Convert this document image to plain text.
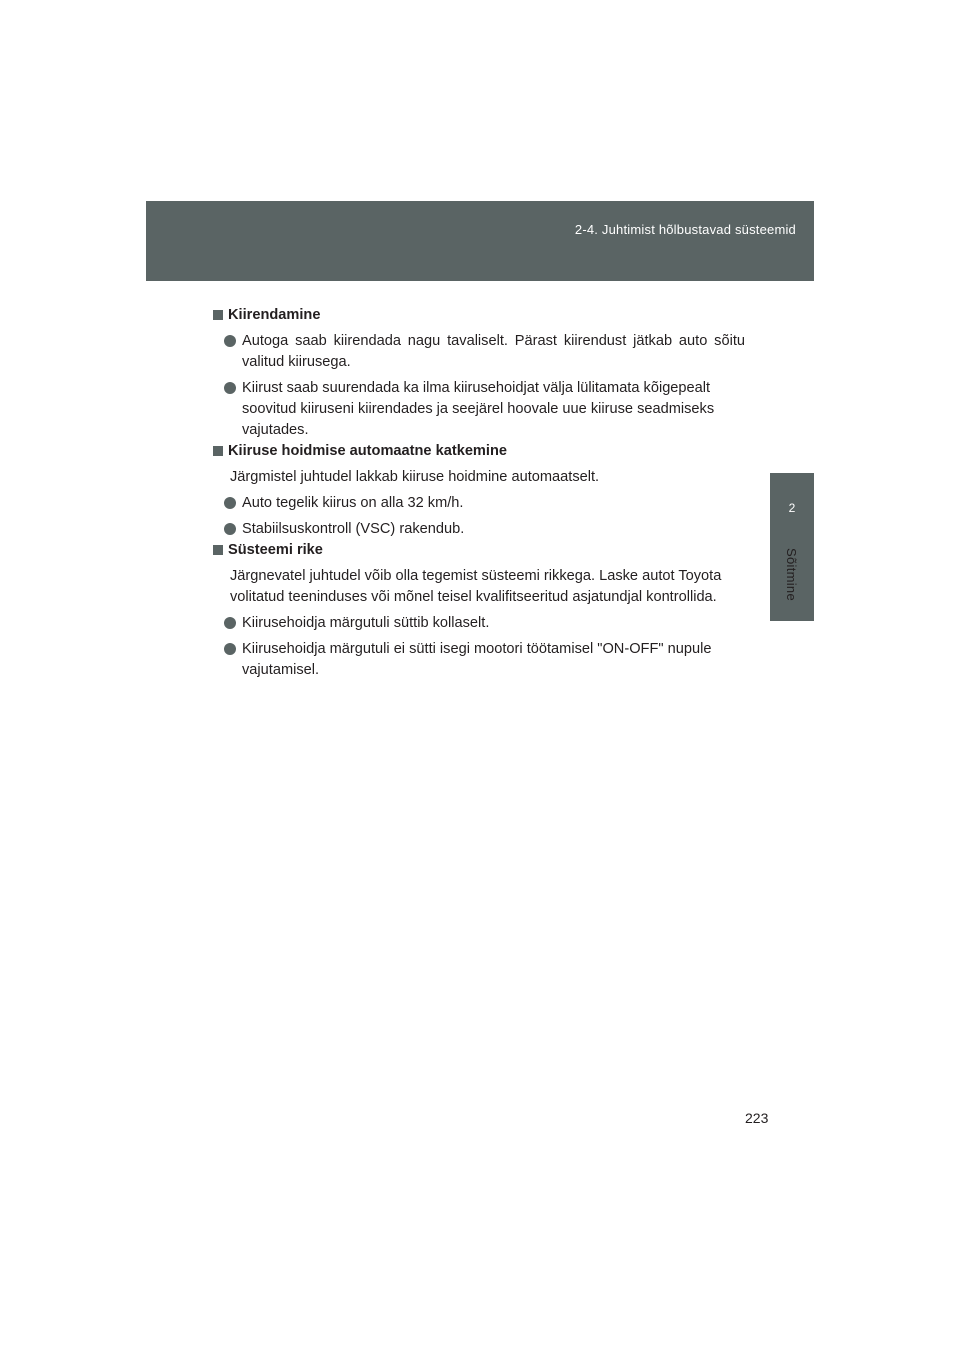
2-4. Juhtimist hõlbustavad süsteemid
2
Sõitmine
Kiirendamine
Autoga saab kiirendada nagu tavaliselt. Pärast kiirendust jätkab auto sõitu valitud kiirusega.
Kiirust saab suurendada ka ilma kiirusehoidjat välja lülitamata kõigepealt soovitud kiiruseni kiirendades ja seejärel hoovale uue kiiruse seadmiseks vajutades.
Kiiruse hoidmise automaatne katkemine
Järgmistel juhtudel lakkab kiiruse hoidmine automaatselt.
Auto tegelik kiirus on alla 32 km/h.
Stabiilsuskontroll (VSC) rakendub.
Süsteemi rike
Järgnevatel juhtudel võib olla tegemist süsteemi rikkega. Laske autot Toyota volitatud teeninduses või mõnel teisel kvalifitseeritud asjatundjal kontrollida.
Kiirusehoidja märgutuli süttib kollaselt.
Kiirusehoidja märgutuli ei sütti isegi mootori töötamisel "ON-OFF" nupule vajutamisel.
223
